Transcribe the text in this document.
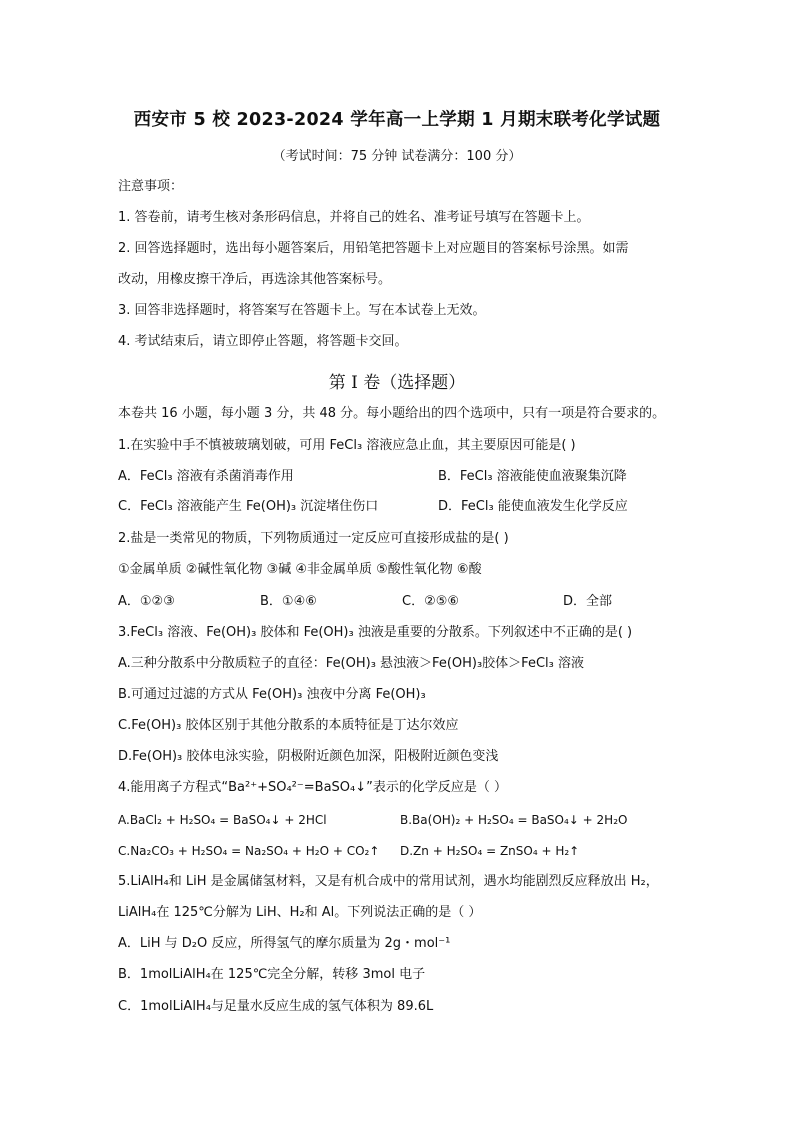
西安市 5 校 2023-2024 学年高一上学期 1 月期末联考化学试题
（考试时间：75 分钟 试卷满分：100 分）
注意事项：
1. 答卷前，请考生核对条形码信息，并将自己的姓名、准考证号填写在答题卡上。
2. 回答选择题时，选出每小题答案后，用铅笔把答题卡上对应题目的答案标号涂黑。如需
改动，用橡皮擦干净后，再选涂其他答案标号。
3. 回答非选择题时，将答案写在答题卡上。写在本试卷上无效。
4. 考试结束后，请立即停止答题，将答题卡交回。
第 I 卷（选择题）
本卷共 16 小题，每小题 3 分，共 48 分。每小题给出的四个选项中，只有一项是符合要求的。
1.在实验中手不慎被玻璃划破，可用 FeCl₃ 溶液应急止血，其主要原因可能是( )
A．FeCl₃ 溶液有杀菌消毒作用	B．FeCl₃ 溶液能使血液聚集沉降
C．FeCl₃ 溶液能产生 Fe(OH)₃ 沉淀堵住伤口	D．FeCl₃ 能使血液发生化学反应
2.盐是一类常见的物质，下列物质通过一定反应可直接形成盐的是( )
①金属单质 ②碱性氧化物 ③碱 ④非金属单质 ⑤酸性氧化物 ⑥酸
A．①②③	B．①④⑥	C．②⑤⑥	D．全部
3.FeCl₃ 溶液、Fe(OH)₃ 胶体和 Fe(OH)₃ 浊液是重要的分散系。下列叙述中不正确的是( )
A.三种分散系中分散质粒子的直径：Fe(OH)₃ 悬浊液＞Fe(OH)₃胶体＞FeCl₃ 溶液
B.可通过过滤的方式从 Fe(OH)₃ 浊夜中分离 Fe(OH)₃
C.Fe(OH)₃ 胶体区别于其他分散系的本质特征是丁达尔效应
D.Fe(OH)₃ 胶体电泳实验，阴极附近颜色加深，阳极附近颜色变浅
4.能用离子方程式“Ba²⁺+SO₄²⁻=BaSO₄↓”表示的化学反应是（ ）
A.BaCl₂ + H₂SO₄ = BaSO₄↓ + 2HCl	B.Ba(OH)₂ + H₂SO₄ = BaSO₄↓ + 2H₂O
C.Na₂CO₃ + H₂SO₄ = Na₂SO₄ + H₂O + CO₂↑ D.Zn + H₂SO₄ = ZnSO₄ + H₂↑
5.LiAlH₄和 LiH 是金属储氢材料，又是有机合成中的常用试剂，遇水均能剧烈反应释放出 H₂，
LiAlH₄在 125℃分解为 LiH、H₂和 Al。下列说法正确的是（ ）
A．LiH 与 D₂O 反应，所得氢气的摩尔质量为 2g・mol⁻¹
B．1molLiAlH₄在 125℃完全分解，转移 3mol 电子
C．1molLiAlH₄与足量水反应生成的氢气体积为 89.6L
